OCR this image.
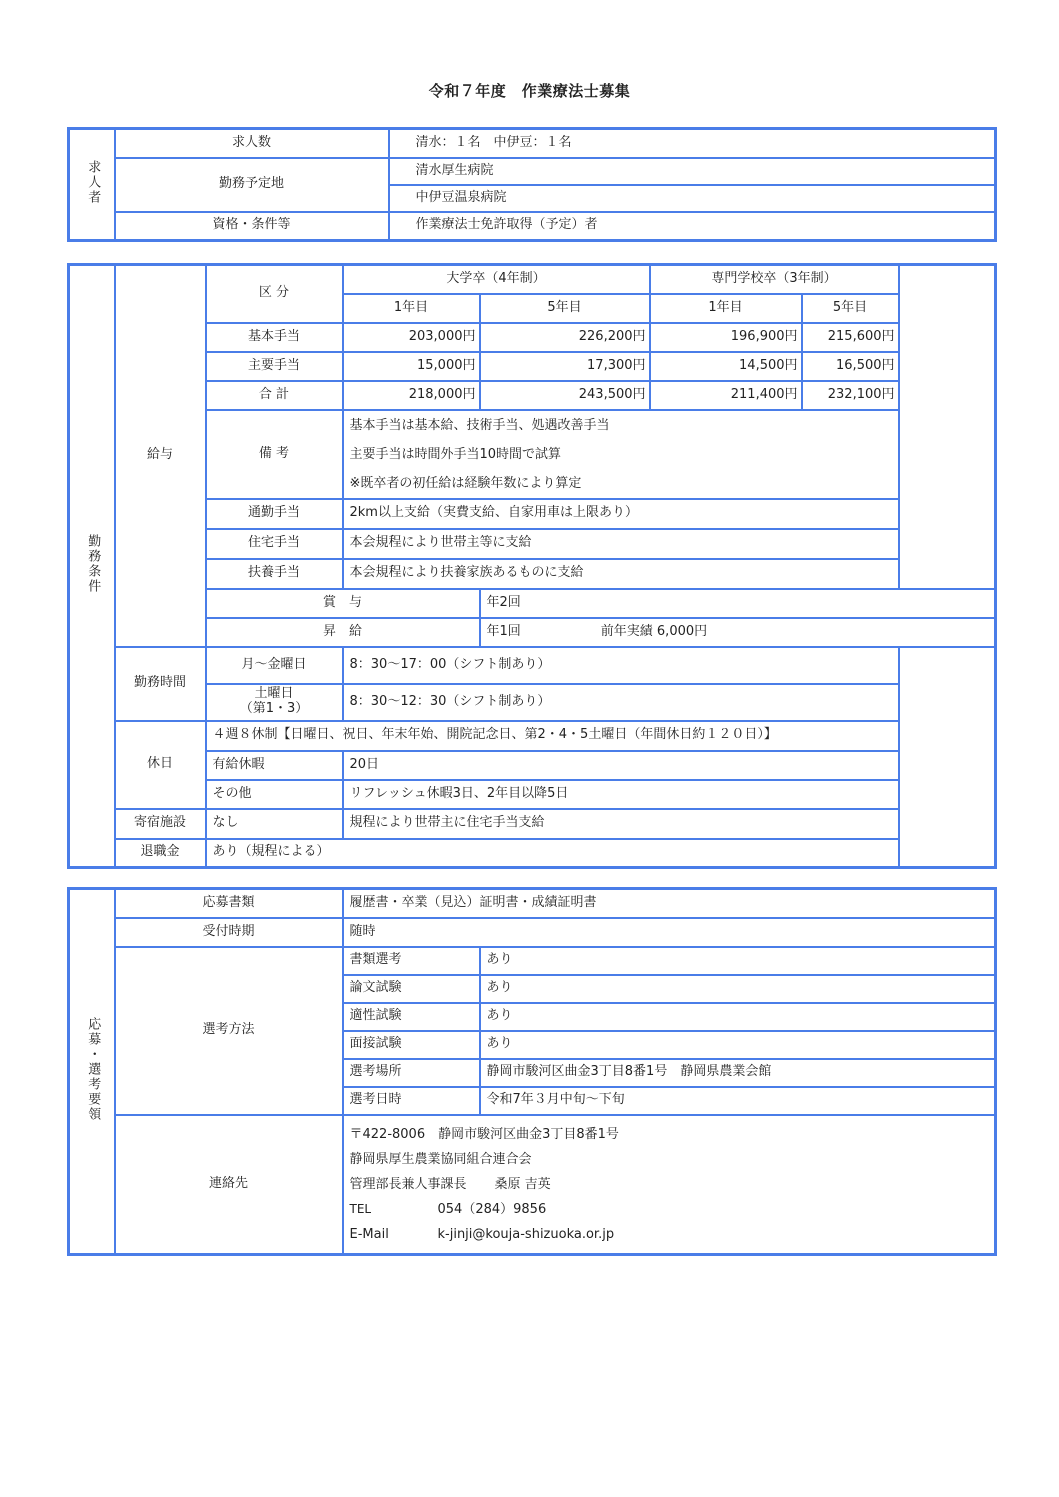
令和７年度　作業療法士募集
求人者	求人数	清水：１名　中伊豆：１名
	勤務予定地	清水厚生病院
		中伊豆温泉病院
	資格・条件等	作業療法士免許取得（予定）者
勤務条件	給与	区 分	大学卒（4年制）		専門学校卒（3年制）	
			1年目	5年目	1年目	5年目
		基本手当	203,000円	226,200円	196,900円	215,600円
		主要手当	15,000円	17,300円	14,500円	16,500円
		合 計	218,000円	243,500円	211,400円	232,100円
		備 考	基本手当は基本給、技術手当、処遇改善手当
主要手当は時間外手当10時間で試算
※既卒者の初任給は経験年数により算定			

		通勤手当	2km以上支給（実費支給、自家用車は上限あり）			
		住宅手当	本会規程により世帯主等に支給			
		扶養手当	本会規程により扶養家族あるものに支給			
		賞　与		年2回		
		昇　給		年1回 前年実績 6,000円		
	勤務時間	月～金曜日	8：30～17：00（シフト制あり）			

		土曜日
（第1・3）	8：30～12：30（シフト制あり）			
	休日	４週８休制【日曜日、祝日、年末年始、開院記念日、第2・4・5土曜日（年間休日約１２０日）】				
		有給休暇	20日			
		その他	リフレッシュ休暇3日、2年目以降5日			
	寄宿施設	なし	規程により世帯主に住宅手当支給			
	退職金	あり（規程による）				
応募・選考要領	応募書類	履歴書・卒業（見込）証明書・成績証明書	
	受付時期	随時	
	選考方法	書類選考	あり
		論文試験	あり
		適性試験	あり
		面接試験	あり
		選考場所	静岡市駿河区曲金3丁目8番1号　静岡県農業会館
		選考日時	令和7年３月中旬～下旬
	連絡先	〒422-8006　静岡市駿河区曲金3丁目8番1号
静岡県厚生農業協同組合連合会
管理部長兼人事課長 桑原 吉英
TEL 054（284）9856
E-Mail k-jinji@kouja-shizuoka.or.jp	
